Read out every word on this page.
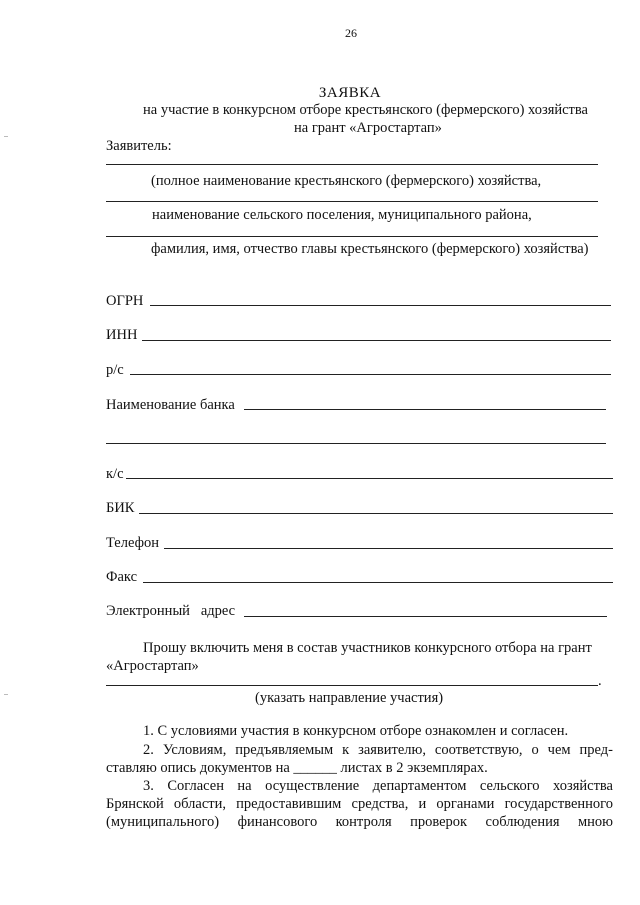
26
ЗАЯВКА
на участие в конкурсном отборе крестьянского (фермерского) хозяйства
на грант «Агростартап»
Заявитель:
(полное наименование крестьянского (фермерского) хозяйства,
наименование сельского поселения, муниципального района,
фамилия, имя, отчество главы крестьянского (фермерского) хозяйства)
ОГРН
ИНН
р/с
Наименование банка
к/с
БИК
Телефон
Факс
Электронный   адрес
Прошу включить меня в состав участников конкурсного отбора на грант
«Агростартап»
.
(указать направление участия)
1. С условиями участия в конкурсном отборе ознакомлен и согласен.
2. Условиям, предъявляемым к заявителю, соответствую, о чем пред-
ставляю опись документов на ______ листах в 2 экземплярах.
3. Согласен на осуществление департаментом сельского хозяйства
Брянской области, предоставившим средства, и органами государственного
(муниципального) финансового контроля проверок соблюдения мною
